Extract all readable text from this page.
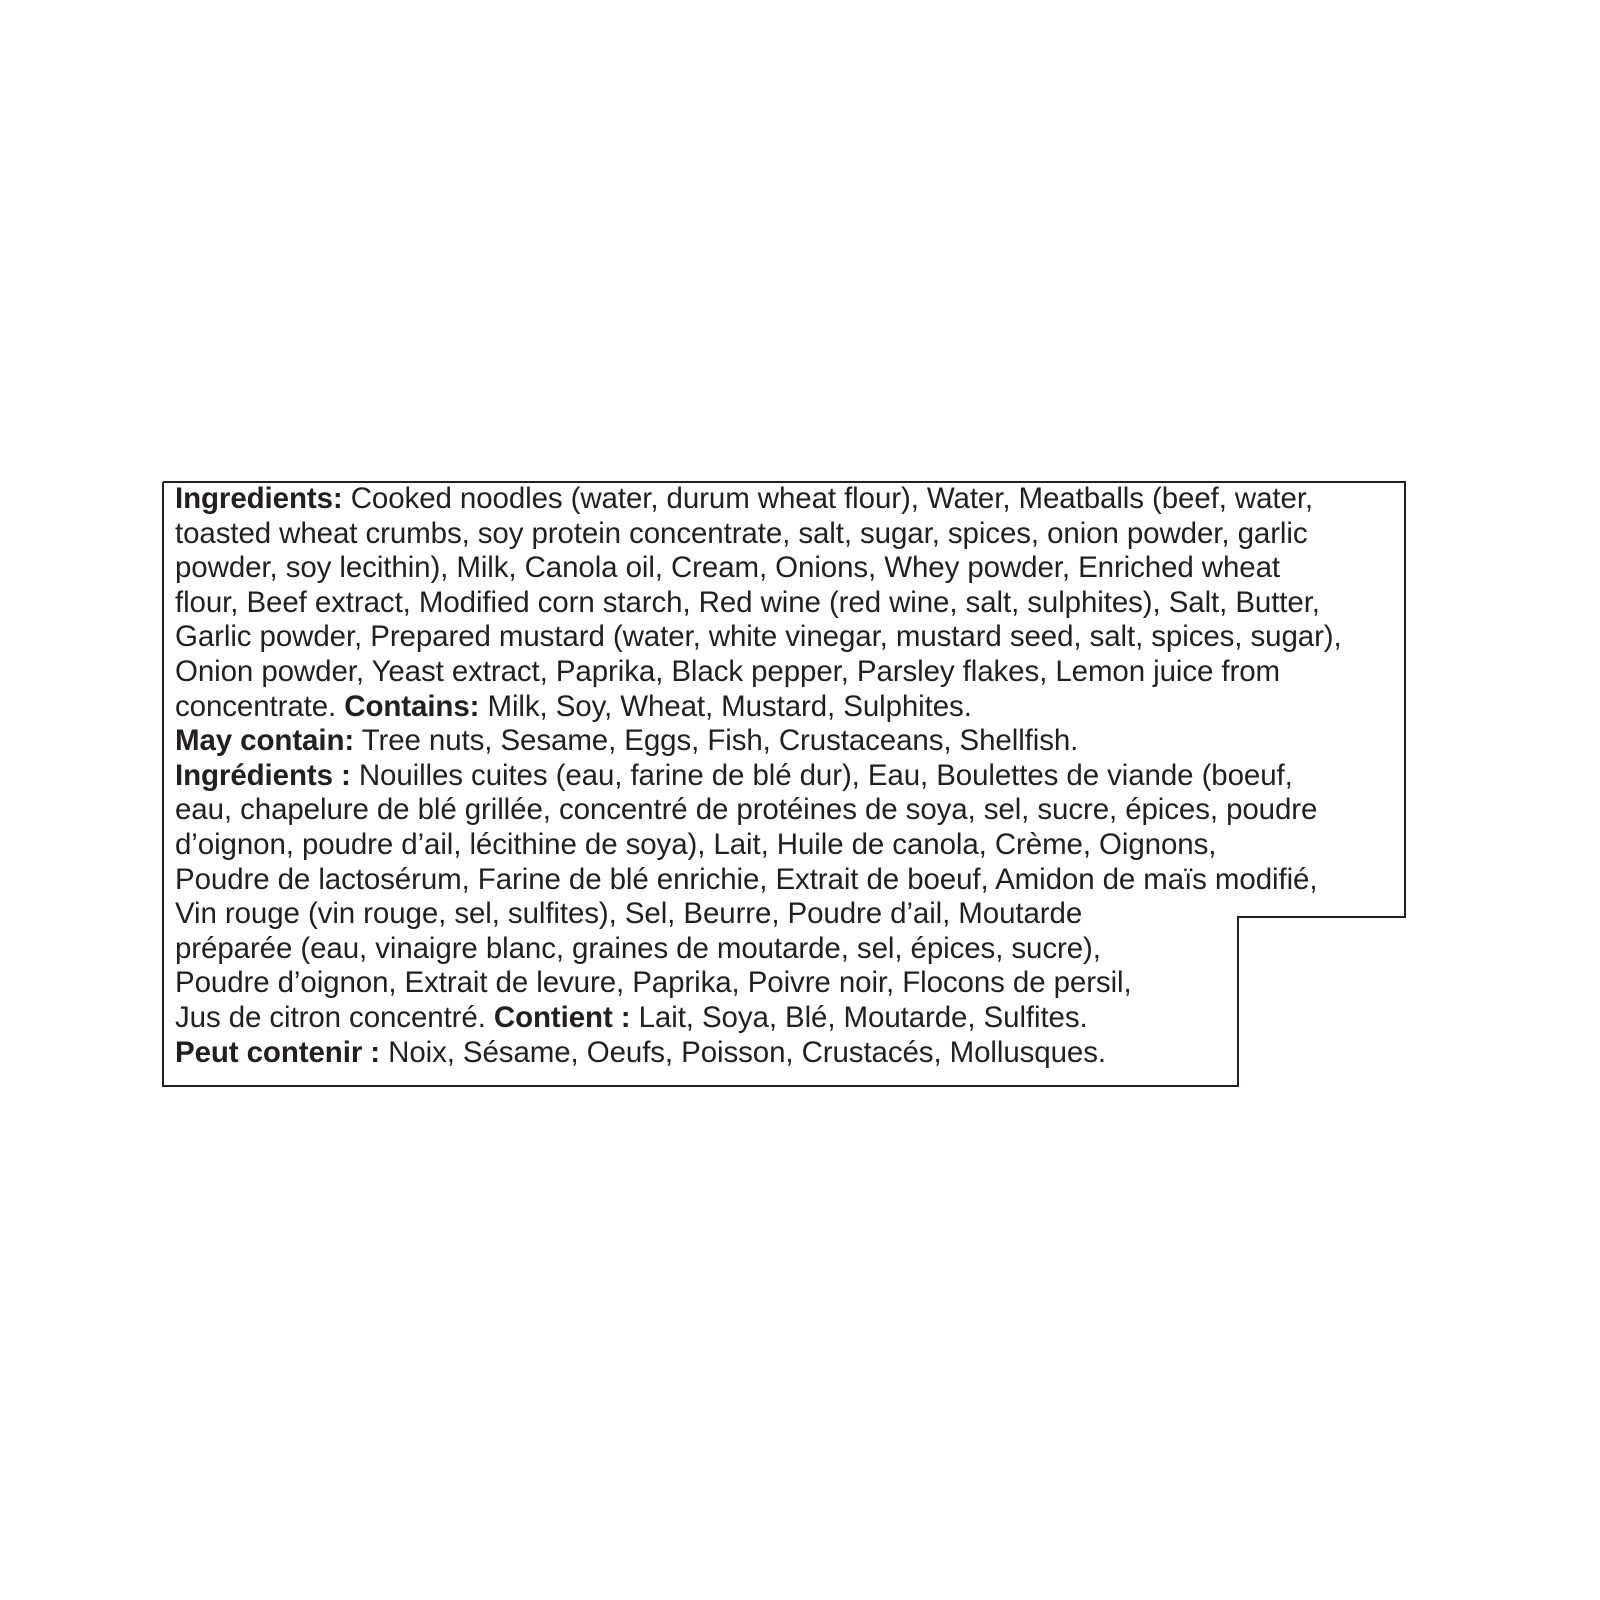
Ingredients: Cooked noodles (water, durum wheat flour), Water, Meatballs (beef, water,
toasted wheat crumbs, soy protein concentrate, salt, sugar, spices, onion powder, garlic
powder, soy lecithin), Milk, Canola oil, Cream, Onions, Whey powder, Enriched wheat
flour, Beef extract, Modified corn starch, Red wine (red wine, salt, sulphites), Salt, Butter,
Garlic powder, Prepared mustard (water, white vinegar, mustard seed, salt, spices, sugar),
Onion powder, Yeast extract, Paprika, Black pepper, Parsley flakes, Lemon juice from
concentrate. Contains: Milk, Soy, Wheat, Mustard, Sulphites.
May contain: Tree nuts, Sesame, Eggs, Fish, Crustaceans, Shellfish.
Ingrédients : Nouilles cuites (eau, farine de blé dur), Eau, Boulettes de viande (boeuf,
eau, chapelure de blé grillée, concentré de protéines de soya, sel, sucre, épices, poudre
d’oignon, poudre d’ail, lécithine de soya), Lait, Huile de canola, Crème, Oignons,
Poudre de lactosérum, Farine de blé enrichie, Extrait de boeuf, Amidon de maïs modifié,
Vin rouge (vin rouge, sel, sulfites), Sel, Beurre, Poudre d’ail, Moutarde
préparée (eau, vinaigre blanc, graines de moutarde, sel, épices, sucre),
Poudre d’oignon, Extrait de levure, Paprika, Poivre noir, Flocons de persil,
Jus de citron concentré. Contient : Lait, Soya, Blé, Moutarde, Sulfites.
Peut contenir : Noix, Sésame, Oeufs, Poisson, Crustacés, Mollusques.
